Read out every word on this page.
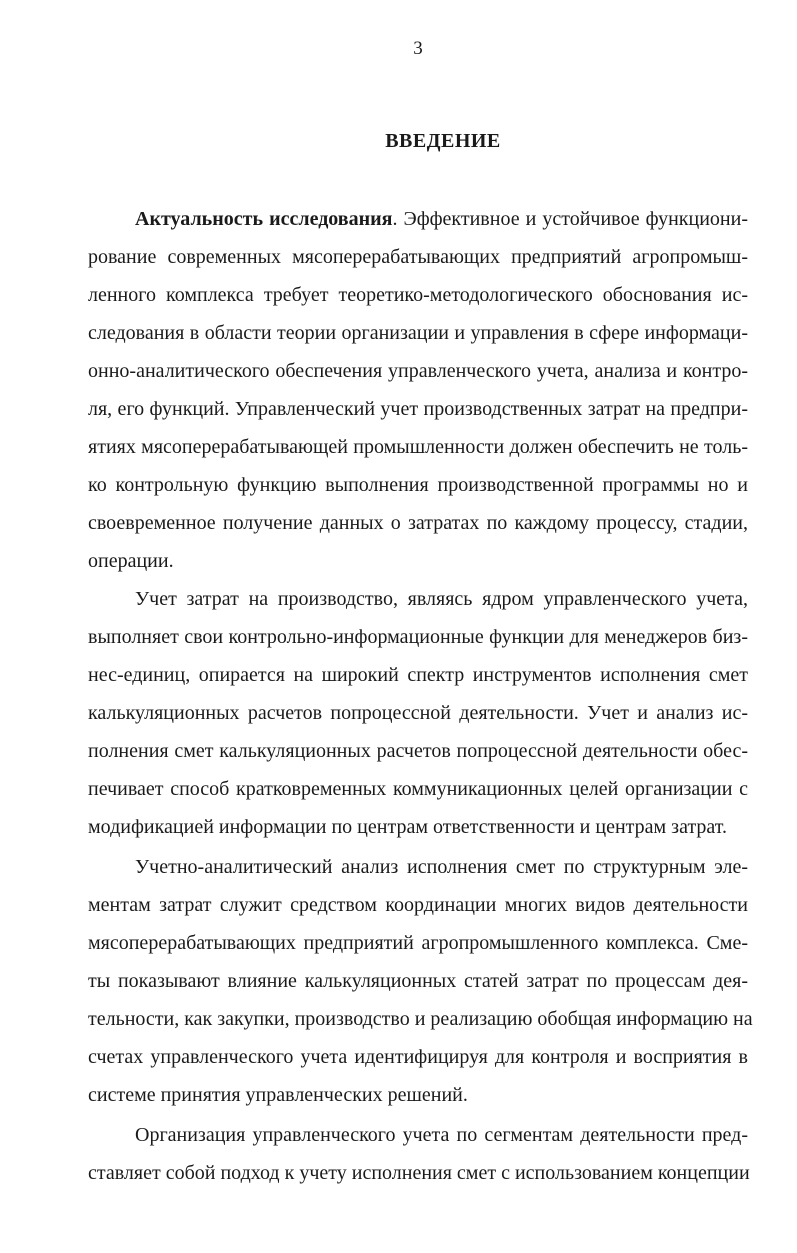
3
ВВЕДЕНИЕ
Актуальность исследования. Эффективное и устойчивое функциони-
рование современных мясоперерабатывающих предприятий агропромыш-
ленного комплекса требует теоретико-методологического обоснования ис-
следования в области теории организации и управления в сфере информаци-
онно-аналитического обеспечения управленческого учета, анализа и контро-
ля, его функций. Управленческий учет производственных затрат на предпри-
ятиях мясоперерабатывающей промышленности должен обеспечить не толь-
ко контрольную функцию выполнения производственной программы но и
своевременное получение данных о затратах по каждому процессу, стадии,
операции.
Учет затрат на производство, являясь ядром управленческого учета,
выполняет свои контрольно-информационные функции для менеджеров биз-
нес-единиц, опирается на широкий спектр инструментов исполнения смет
калькуляционных расчетов попроцессной деятельности. Учет и анализ ис-
полнения смет калькуляционных расчетов попроцессной деятельности обес-
печивает способ кратковременных коммуникационных целей организации с
модификацией информации по центрам ответственности и центрам затрат.
Учетно-аналитический анализ исполнения смет по структурным эле-
ментам затрат служит средством координации многих видов деятельности
мясоперерабатывающих предприятий агропромышленного комплекса. Сме-
ты показывают влияние калькуляционных статей затрат по процессам дея-
тельности, как закупки, производство и реализацию обобщая информацию на
счетах управленческого учета идентифицируя для контроля и восприятия в
системе принятия управленческих решений.
Организация управленческого учета по сегментам деятельности пред-
ставляет собой подход к учету исполнения смет с использованием концепции
